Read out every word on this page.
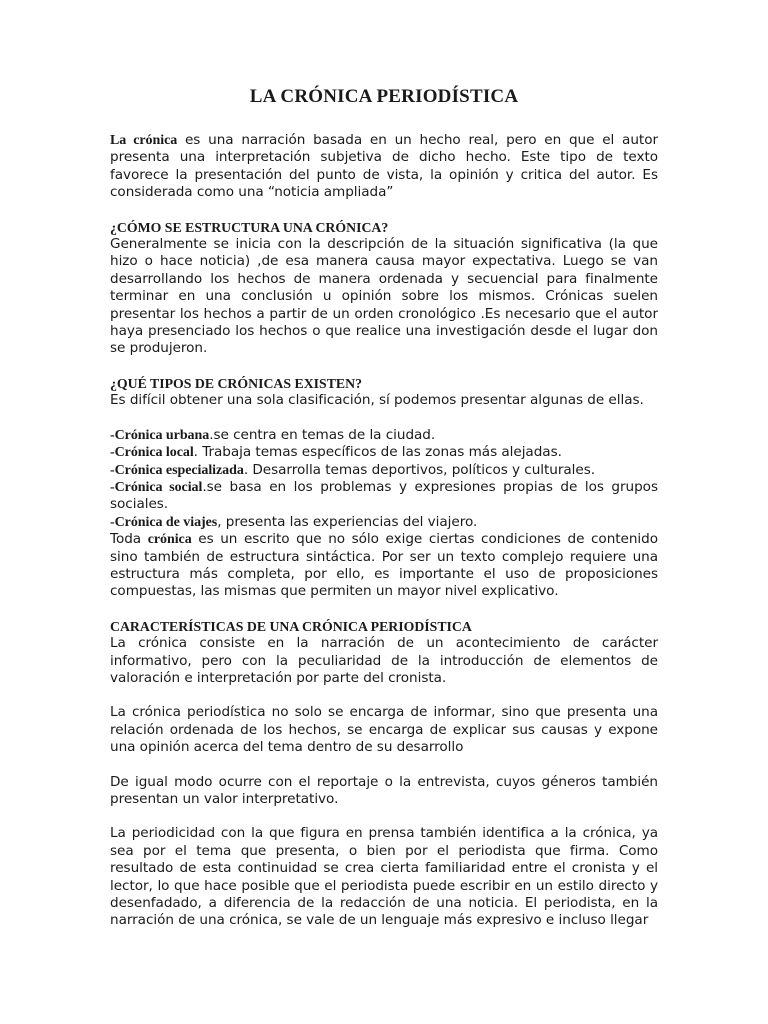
LA CRÓNICA PERIODÍSTICA

La crónica es una narración basada en un hecho real, pero en que el autor presenta una interpretación subjetiva de dicho hecho. Este tipo de texto favorece la presentación del punto de vista, la opinión y critica del autor. Es considerada como una “noticia ampliada”

¿CÓMO SE ESTRUCTURA UNA CRÓNICA?

Generalmente se inicia con la descripción de la situación significativa (la que hizo o hace noticia) ,de esa manera causa mayor expectativa. Luego se van desarrollando los hechos de manera ordenada y secuencial para finalmente terminar en una conclusión u opinión sobre los mismos. Crónicas suelen presentar los hechos a partir de un orden cronológico .Es necesario que el autor haya presenciado los hechos o que realice una investigación desde el lugar don se produjeron.

¿QUÉ TIPOS DE CRÓNICAS EXISTEN?

Es difícil obtener una sola clasificación, sí podemos presentar algunas de ellas.

-Crónica urbana.se centra en temas de la ciudad.

-Crónica local. Trabaja temas específicos de las zonas más alejadas.

-Crónica especializada. Desarrolla temas deportivos, políticos y culturales.

-Crónica social.se basa en los problemas y expresiones propias de los grupos sociales.

-Crónica de viajes, presenta las experiencias del viajero.

Toda crónica es un escrito que no sólo exige ciertas condiciones de contenido sino también de estructura sintáctica. Por ser un texto complejo requiere una estructura más completa, por ello, es importante el uso de proposiciones compuestas, las mismas que permiten un mayor nivel explicativo.

CARACTERÍSTICAS DE UNA CRÓNICA PERIODÍSTICA

La crónica consiste en la narración de un acontecimiento de carácter informativo, pero con la peculiaridad de la introducción de elementos de valoración e interpretación por parte del cronista.

La crónica periodística no solo se encarga de informar, sino que presenta una relación ordenada de los hechos, se encarga de explicar sus causas y expone una opinión acerca del tema dentro de su desarrollo

De igual modo ocurre con el reportaje o la entrevista, cuyos géneros también presentan un valor interpretativo.

La periodicidad con la que figura en prensa también identifica a la crónica, ya sea por el tema que presenta, o bien por el periodista que firma. Como resultado de esta continuidad se crea cierta familiaridad entre el cronista y el lector, lo que hace posible que el periodista puede escribir en un estilo directo y desenfadado, a diferencia de la redacción de una noticia. El periodista, en la narración de una crónica, se vale de un lenguaje más expresivo e incluso llegar
